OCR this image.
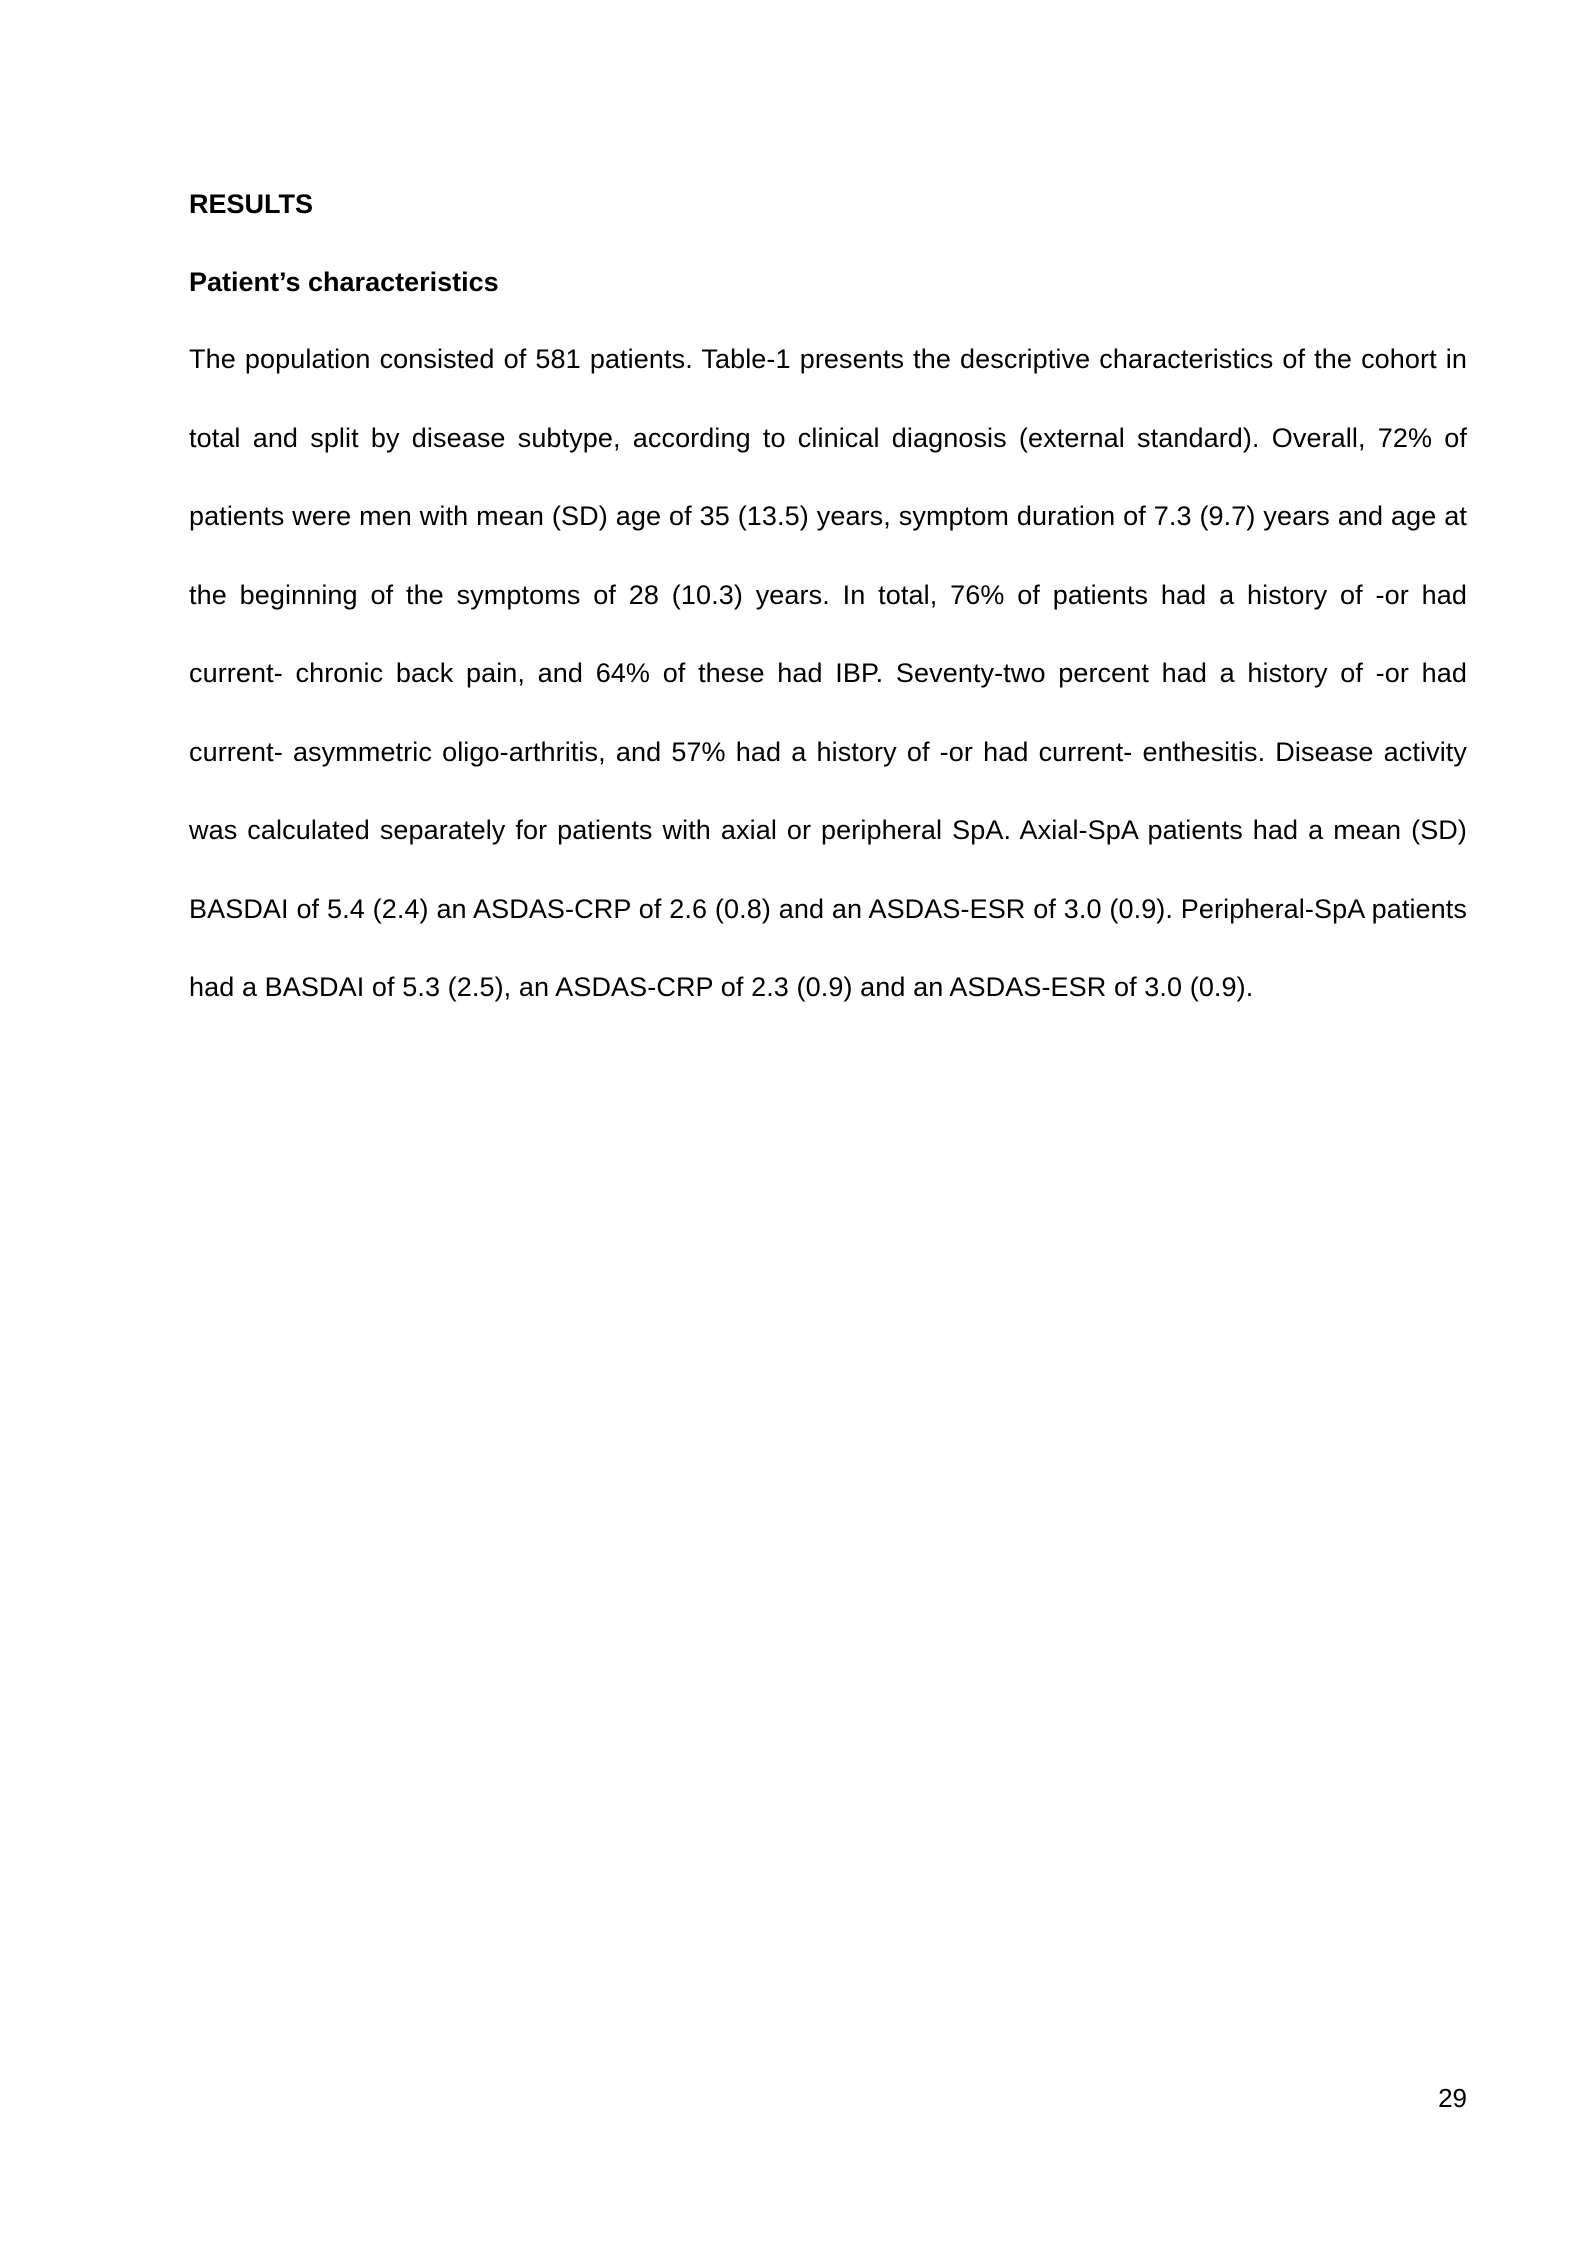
RESULTS
Patient’s characteristics

The population consisted of 581 patients. Table-1 presents the descriptive characteristics of the cohort in total and split by disease subtype, according to clinical diagnosis (external standard). Overall, 72% of patients were men with mean (SD) age of 35 (13.5) years, symptom duration of 7.3 (9.7) years and age at the beginning of the symptoms of 28 (10.3) years. In total, 76% of patients had a history of -or had current- chronic back pain, and 64% of these had IBP. Seventy-two percent had a history of -or had current- asymmetric oligo-arthritis, and 57% had a history of -or had current- enthesitis. Disease activity was calculated separately for patients with axial or peripheral SpA. Axial-SpA patients had a mean (SD) BASDAI of 5.4 (2.4) an ASDAS-CRP of 2.6 (0.8) and an ASDAS-ESR of 3.0 (0.9). Peripheral-SpA patients had a BASDAI of 5.3 (2.5), an ASDAS-CRP of 2.3 (0.9) and an ASDAS-ESR of 3.0 (0.9).

29
